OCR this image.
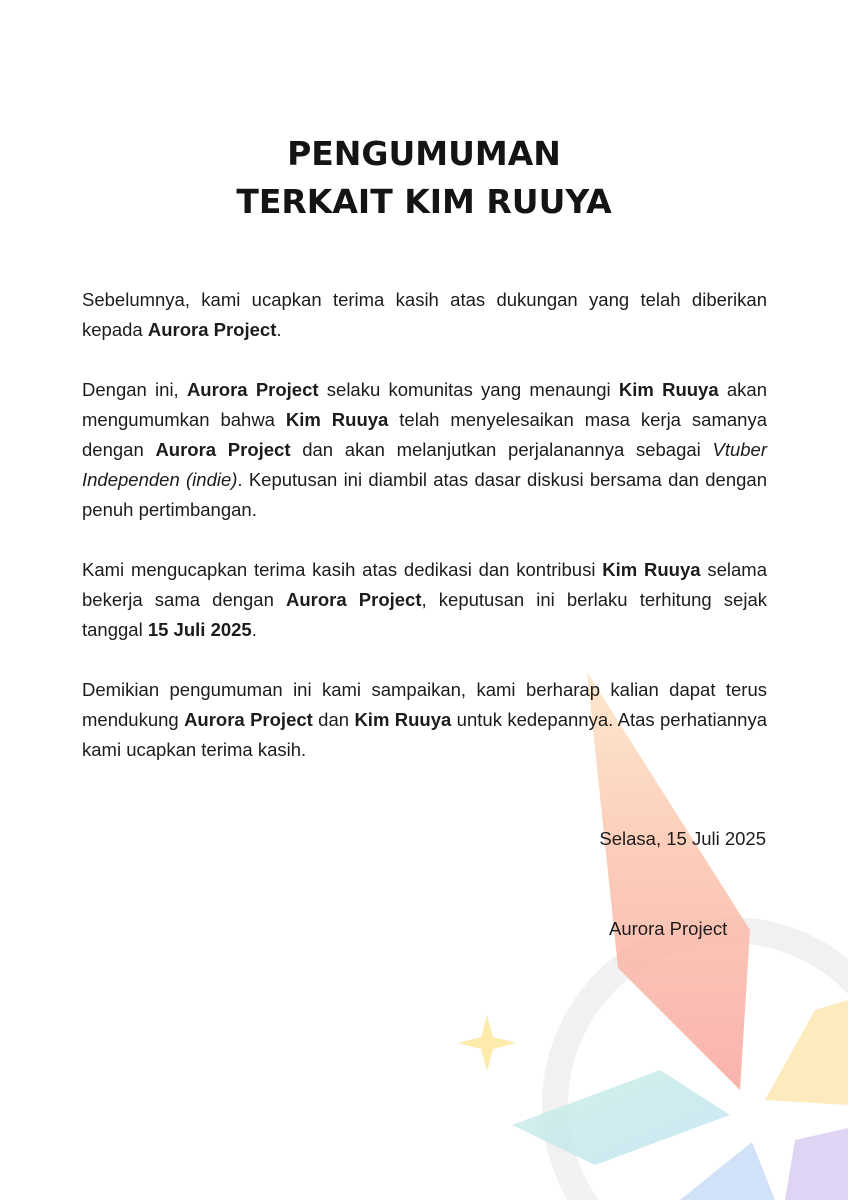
PENGUMUMAN
TERKAIT KIM RUUYA

Sebelumnya, kami ucapkan terima kasih atas dukungan yang telah diberikan kepada Aurora Project.

Dengan ini, Aurora Project selaku komunitas yang menaungi Kim Ruuya akan mengumumkan bahwa Kim Ruuya telah menyelesaikan masa kerja samanya dengan Aurora Project dan akan melanjutkan perjalanannya sebagai Vtuber Independen (indie). Keputusan ini diambil atas dasar diskusi bersama dan dengan penuh pertimbangan.

Kami mengucapkan terima kasih atas dedikasi dan kontribusi Kim Ruuya selama bekerja sama dengan Aurora Project, keputusan ini berlaku terhitung sejak tanggal 15 Juli 2025.

Demikian pengumuman ini kami sampaikan, kami berharap kalian dapat terus mendukung Aurora Project dan Kim Ruuya untuk kedepannya. Atas perhatiannya kami ucapkan terima kasih.

Selasa, 15 Juli 2025
Aurora Project
